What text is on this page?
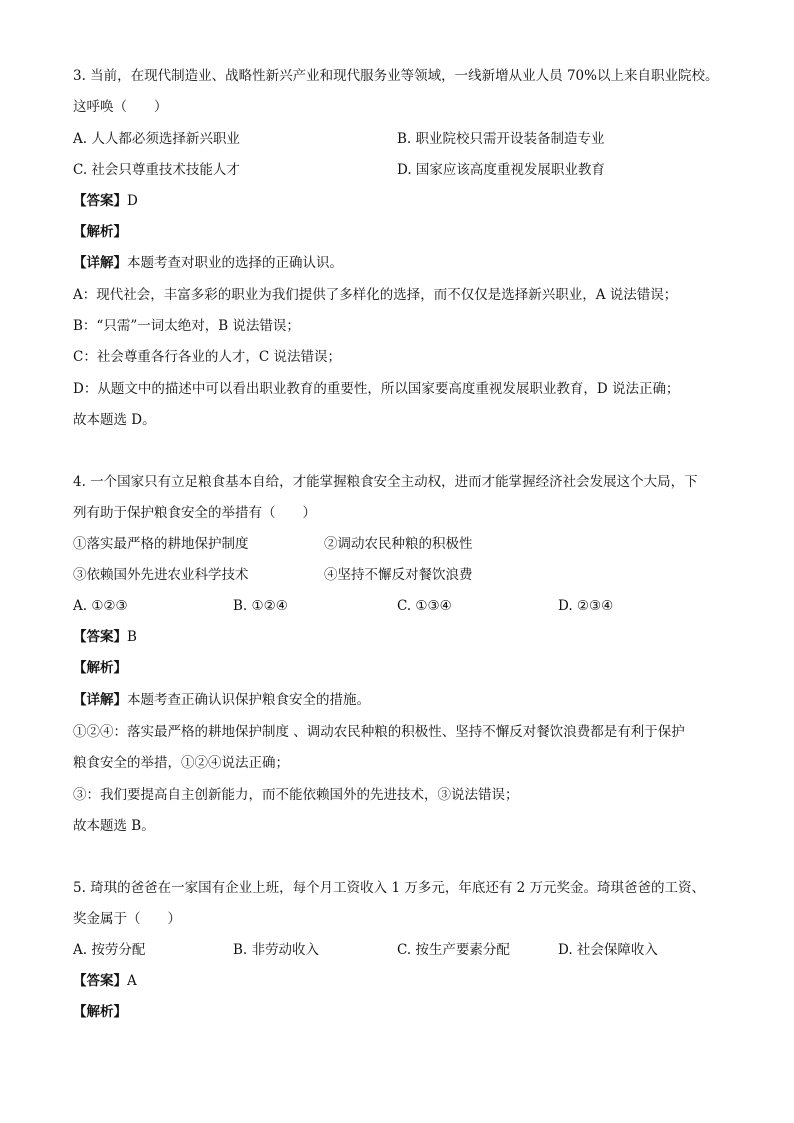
3. 当前，在现代制造业、战略性新兴产业和现代服务业等领域，一线新增从业人员 70%以上来自职业院校。
这呼唤（　　）
A. 人人都必须选择新兴职业	B. 职业院校只需开设装备制造专业
C. 社会只尊重技术技能人才	D. 国家应该高度重视发展职业教育
【答案】D
【解析】
【详解】本题考查对职业的选择的正确认识。
A：现代社会，丰富多彩的职业为我们提供了多样化的选择，而不仅仅是选择新兴职业，A 说法错误；
B：“只需”一词太绝对，B 说法错误；
C：社会尊重各行各业的人才，C 说法错误；
D：从题文中的描述中可以看出职业教育的重要性，所以国家要高度重视发展职业教育，D 说法正确；
故本题选 D。
4. 一个国家只有立足粮食基本自给，才能掌握粮食安全主动权，进而才能掌握经济社会发展这个大局，下
列有助于保护粮食安全的举措有（　　）
①落实最严格的耕地保护制度	②调动农民种粮的积极性
③依赖国外先进农业科学技术	④坚持不懈反对餐饮浪费
A. ①②③	B. ①②④	C. ①③④	D. ②③④
【答案】B
【解析】
【详解】本题考查正确认识保护粮食安全的措施。
①②④：落实最严格的耕地保护制度 、调动农民种粮的积极性、坚持不懈反对餐饮浪费都是有利于保护
粮食安全的举措，①②④说法正确；
③：我们要提高自主创新能力，而不能依赖国外的先进技术，③说法错误；
故本题选 B。
5. 琦琪的爸爸在一家国有企业上班，每个月工资收入 1 万多元，年底还有 2 万元奖金。琦琪爸爸的工资、
奖金属于（　　）
A. 按劳分配	B. 非劳动收入	C. 按生产要素分配	D. 社会保障收入
【答案】A
【解析】
